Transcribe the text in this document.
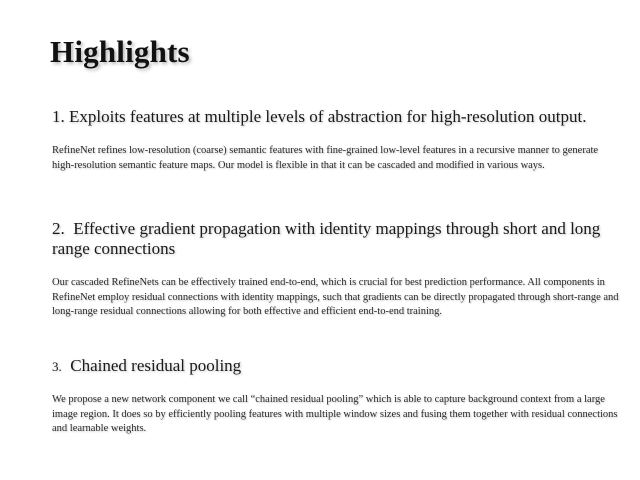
Highlights
1. Exploits features at multiple levels of abstraction for high-resolution output.

RefineNet refines low-resolution (coarse) semantic features with fine-grained low-level features in a recursive manner to generate high-resolution semantic feature maps. Our model is flexible in that it can be cascaded and modified in various ways.

2. Effective gradient propagation with identity mappings through short and long range connections

Our cascaded RefineNets can be effectively trained end-to-end, which is crucial for best prediction performance. All components in RefineNet employ residual connections with identity mappings, such that gradients can be directly propagated through short-range and long-range residual connections allowing for both effective and efficient end-to-end training.

3. Chained residual pooling

We propose a new network component we call “chained residual pooling” which is able to capture background context from a large image region. It does so by efficiently pooling features with multiple window sizes and fusing them together with residual connections and learnable weights.
